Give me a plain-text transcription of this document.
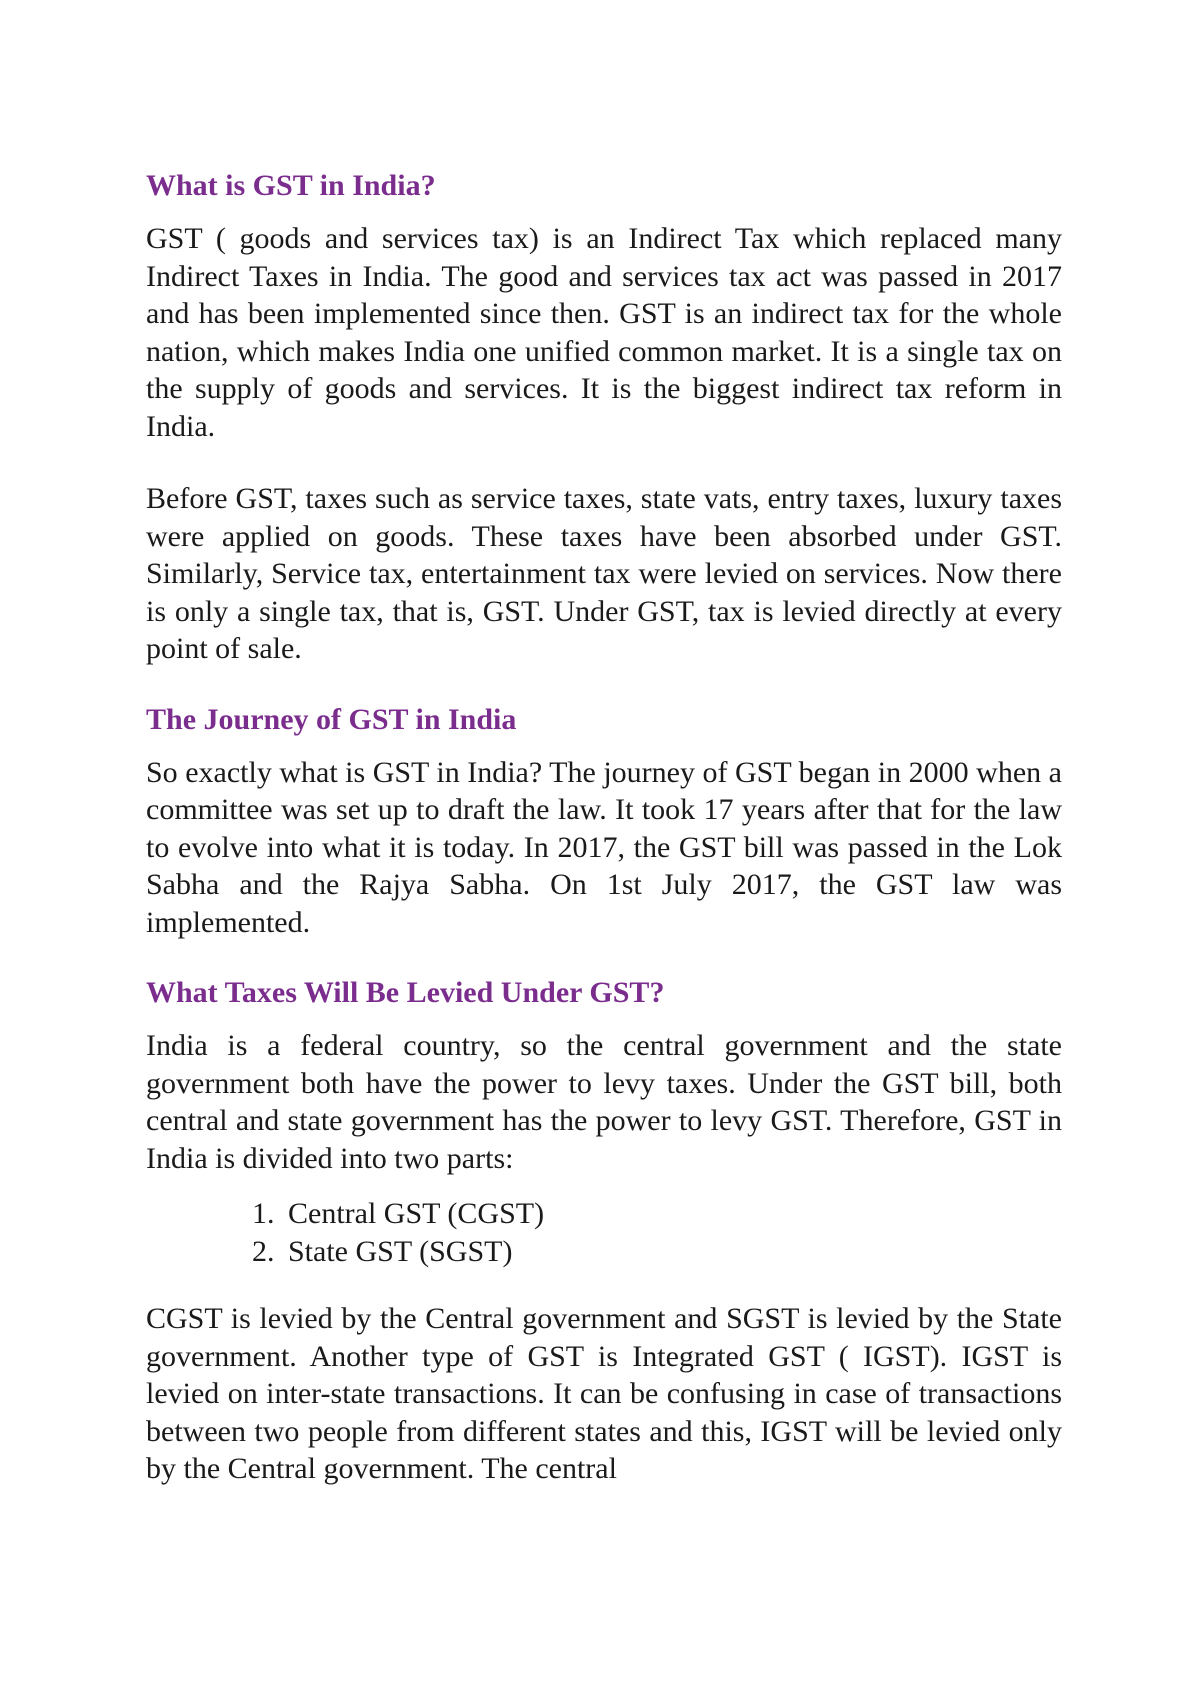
What is GST in India?

GST ( goods and services tax) is an Indirect Tax which replaced many Indirect Taxes in India. The good and services tax act was passed in 2017 and has been implemented since then. GST is an indirect tax for the whole nation, which makes India one unified common market. It is a single tax on the supply of goods and services. It is the biggest indirect tax reform in India.

Before GST, taxes such as service taxes, state vats, entry taxes, luxury taxes were applied on goods. These taxes have been absorbed under GST. Similarly, Service tax, entertainment tax were levied on services. Now there is only a single tax, that is, GST. Under GST, tax is levied directly at every point of sale.

The Journey of GST in India

So exactly what is GST in India? The journey of GST began in 2000 when a committee was set up to draft the law. It took 17 years after that for the law to evolve into what it is today. In 2017, the GST bill was passed in the Lok Sabha and the Rajya Sabha. On 1st July 2017, the GST law was implemented.

What Taxes Will Be Levied Under GST?

India is a federal country, so the central government and the state government both have the power to levy taxes. Under the GST bill, both central and state government has the power to levy GST. Therefore, GST in India is divided into two parts:

1. Central GST (CGST)
2. State GST (SGST)

CGST is levied by the Central government and SGST is levied by the State government. Another type of GST is Integrated GST ( IGST). IGST is levied on inter-state transactions. It can be confusing in case of transactions between two people from different states and this, IGST will be levied only by the Central government. The central
